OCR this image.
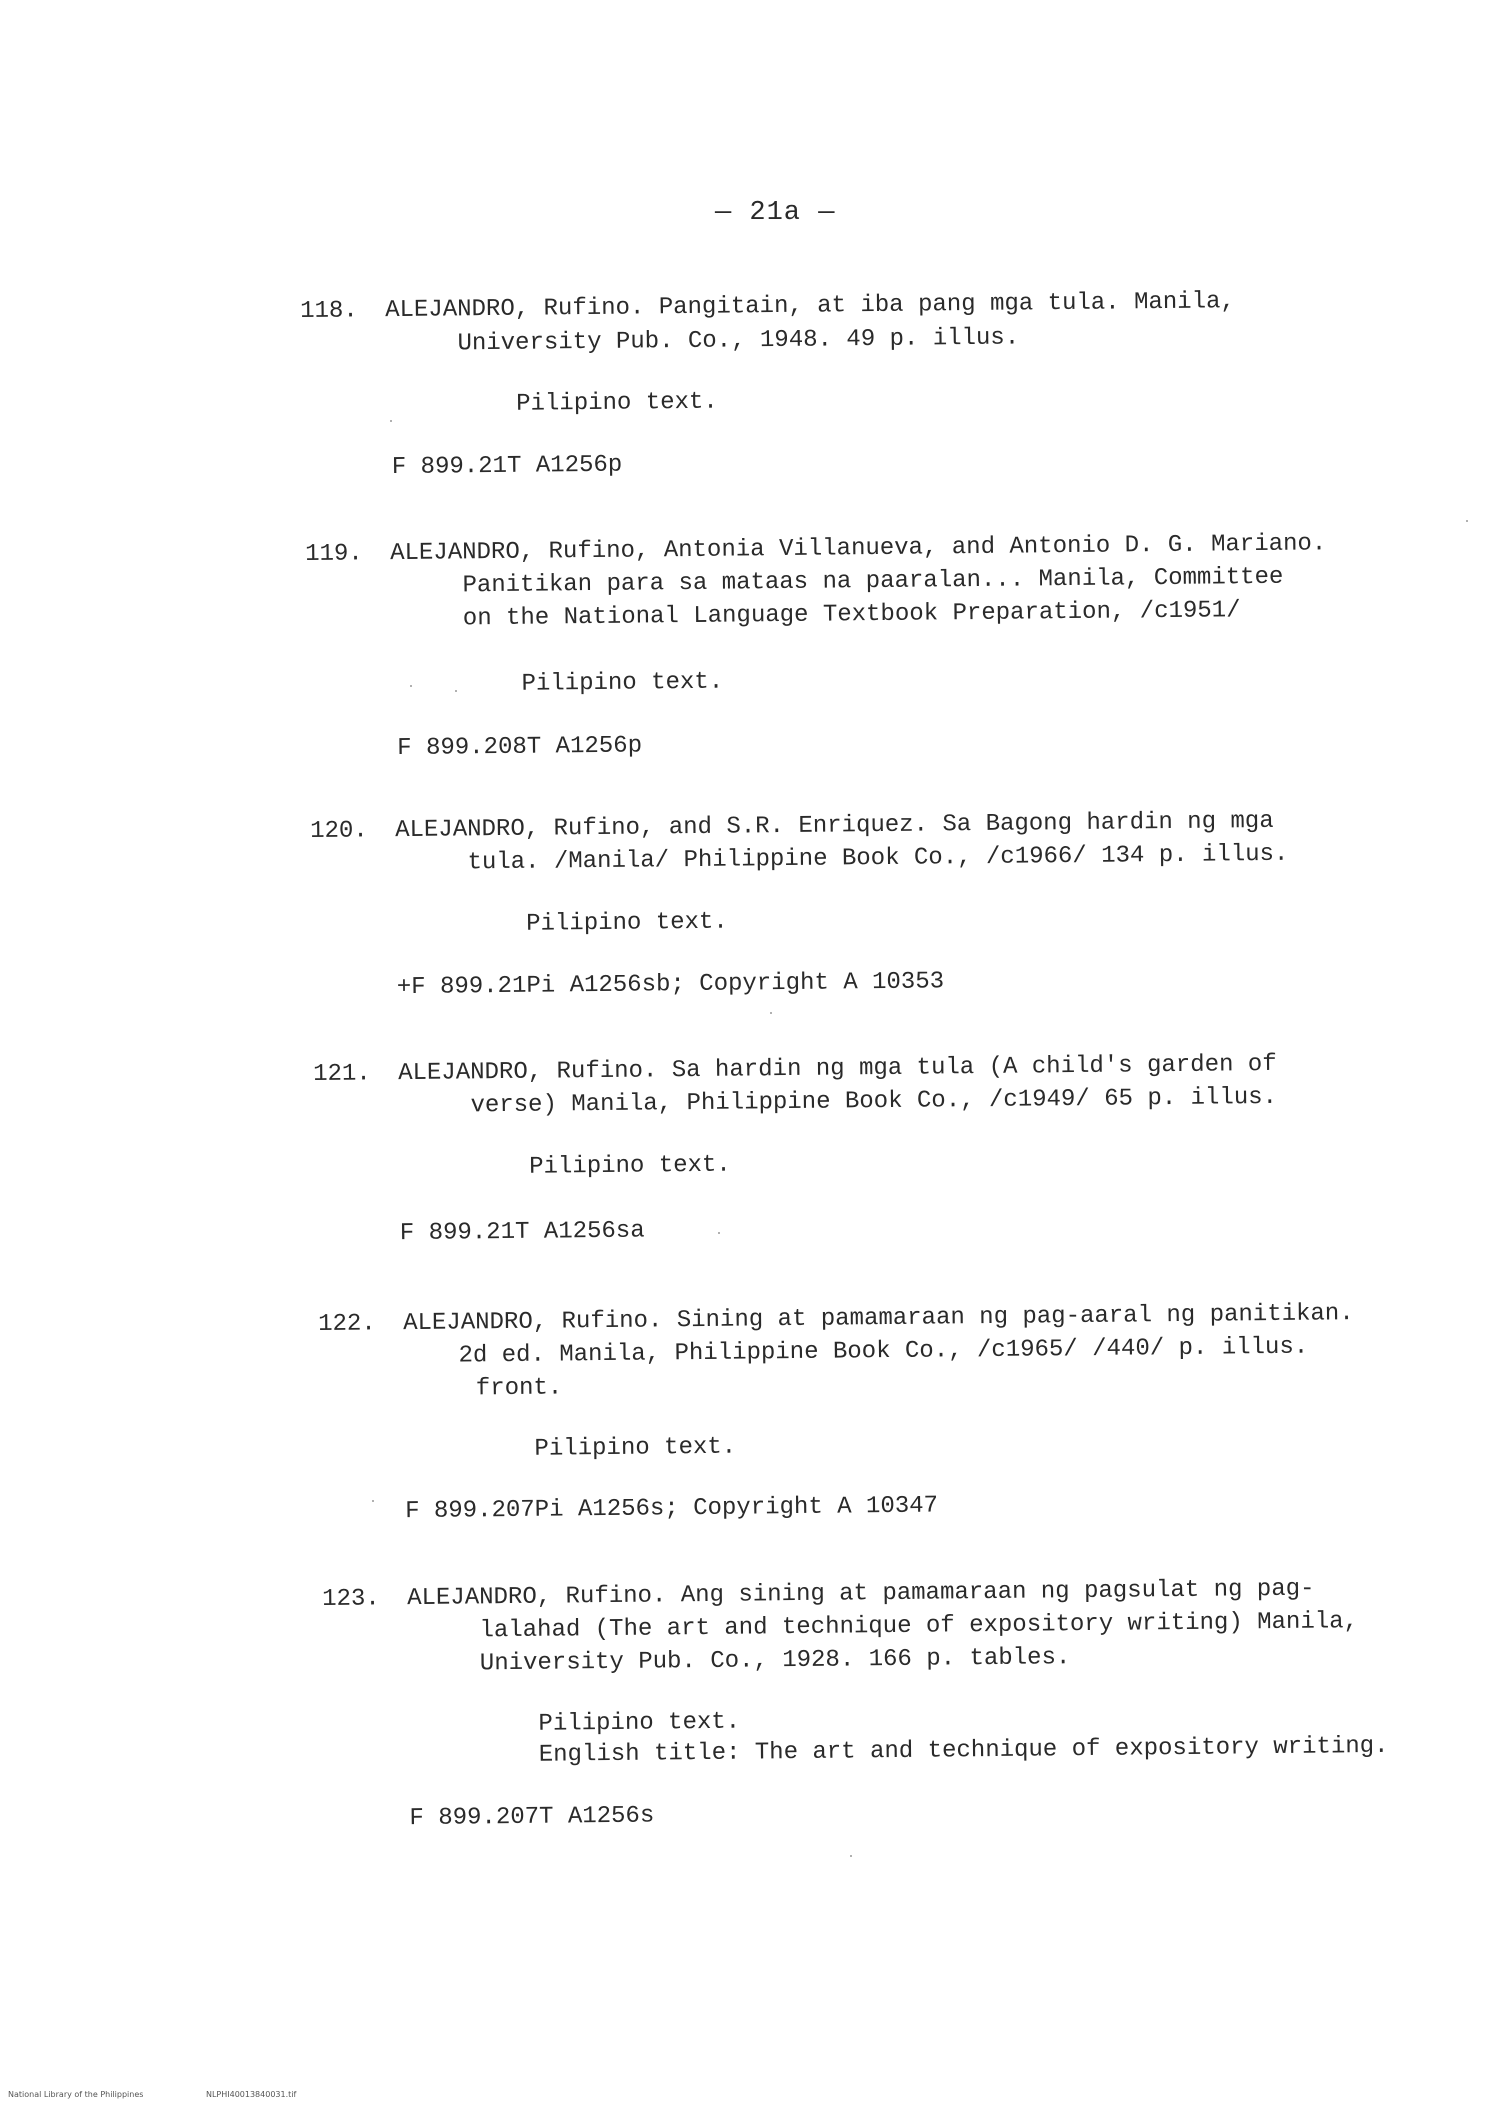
— 21a —
118. ALEJANDRO, Rufino. Pangitain, at iba pang mga tula. Manila,
University Pub. Co., 1948. 49 p. illus.
Pilipino text.
F 899.21T A1256p
119. ALEJANDRO, Rufino, Antonia Villanueva, and Antonio D. G. Mariano.
Panitikan para sa mataas na paaralan... Manila, Committee
on the National Language Textbook Preparation, /c1951/
Pilipino text.
F 899.208T A1256p
120. ALEJANDRO, Rufino, and S.R. Enriquez. Sa Bagong hardin ng mga
tula. /Manila/ Philippine Book Co., /c1966/ 134 p. illus.
Pilipino text.
+F 899.21Pi A1256sb; Copyright A 10353
121. ALEJANDRO, Rufino. Sa hardin ng mga tula (A child's garden of
verse) Manila, Philippine Book Co., /c1949/ 65 p. illus.
Pilipino text.
F 899.21T A1256sa
122. ALEJANDRO, Rufino. Sining at pamamaraan ng pag-aaral ng panitikan.
2d ed. Manila, Philippine Book Co., /c1965/ /440/ p. illus.
front.
Pilipino text.
F 899.207Pi A1256s; Copyright A 10347
123. ALEJANDRO, Rufino. Ang sining at pamamaraan ng pagsulat ng pag-
lalahad (The art and technique of expository writing) Manila,
University Pub. Co., 1928. 166 p. tables.
Pilipino text.
English title: The art and technique of expository writing.
F 899.207T A1256s
National Library of the Philippines	NLPHI40013840031.tif
